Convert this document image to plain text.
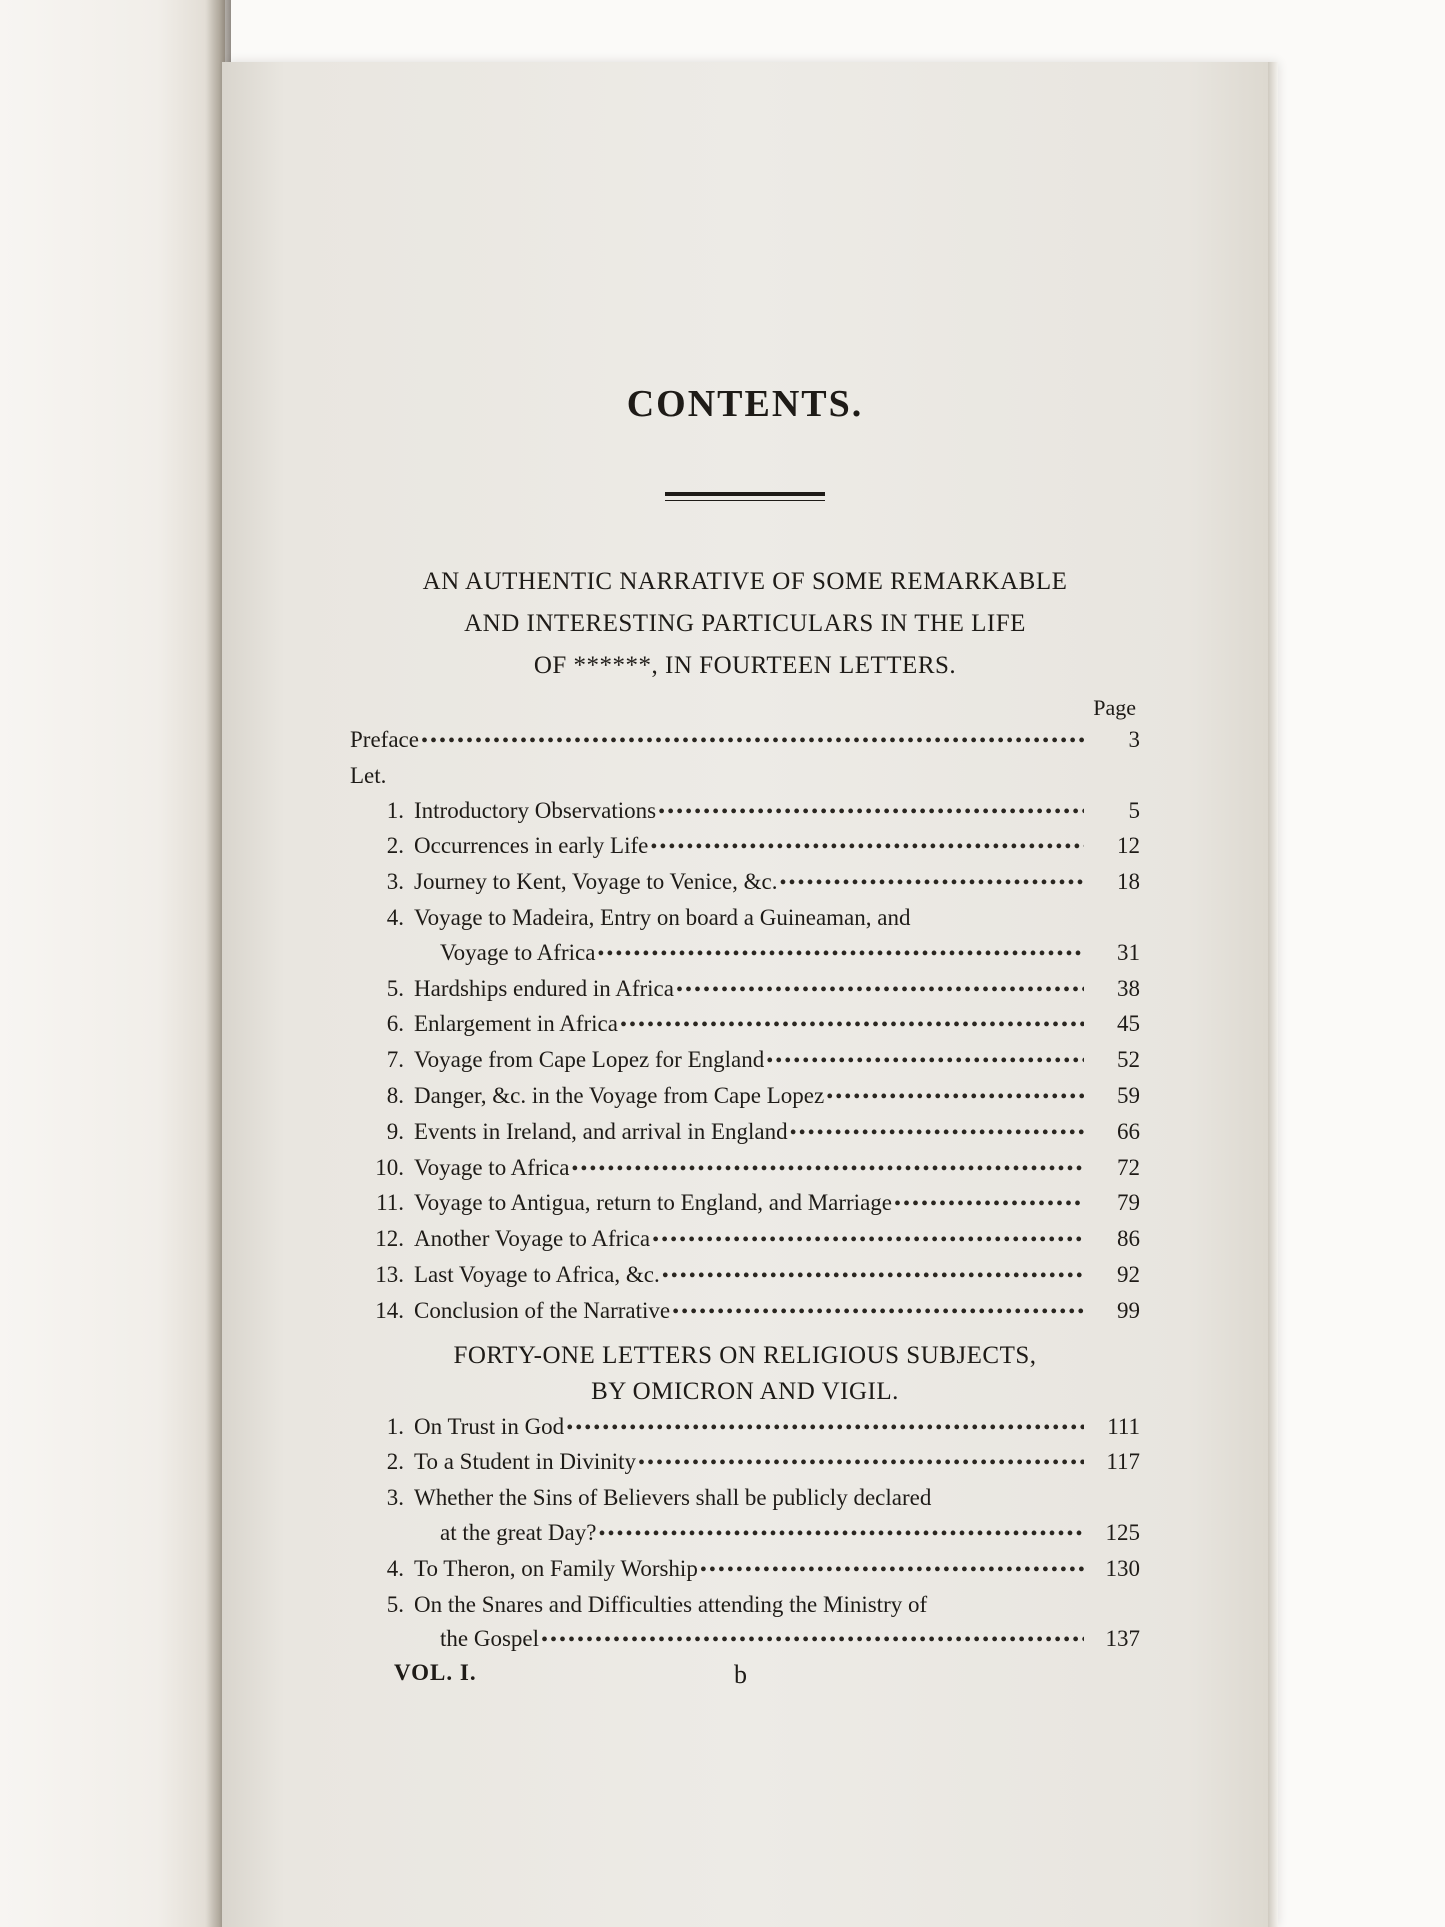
CONTENTS.
AN AUTHENTIC NARRATIVE OF SOME REMARKABLE
AND INTERESTING PARTICULARS IN THE LIFE
OF ******, IN FOURTEEN LETTERS.
Page
Preface •••••	3
Let.
1. Introductory Observations •••••	5
2. Occurrences in early Life •••••	12
3. Journey to Kent, Voyage to Venice, &c. •••••	18
4. Voyage to Madeira, Entry on board a Guineaman, and
Voyage to Africa •••••	31
5. Hardships endured in Africa •••••	38
6. Enlargement in Africa •••••	45
7. Voyage from Cape Lopez for England •••••	52
8. Danger, &c. in the Voyage from Cape Lopez •••••	59
9. Events in Ireland, and arrival in England •••••	66
10. Voyage to Africa •••••	72
11. Voyage to Antigua, return to England, and Marriage •••••	79
12. Another Voyage to Africa •••••	86
13. Last Voyage to Africa, &c. •••••	92
14. Conclusion of the Narrative •••••	99
FORTY-ONE LETTERS ON RELIGIOUS SUBJECTS,
BY OMICRON AND VIGIL.
1. On Trust in God •••••	111
2. To a Student in Divinity •••••	117
3. Whether the Sins of Believers shall be publicly declared
at the great Day? •••••	125
4. To Theron, on Family Worship •••••	130
5. On the Snares and Difficulties attending the Ministry of
the Gospel •••••	137
VOL. I.	b
